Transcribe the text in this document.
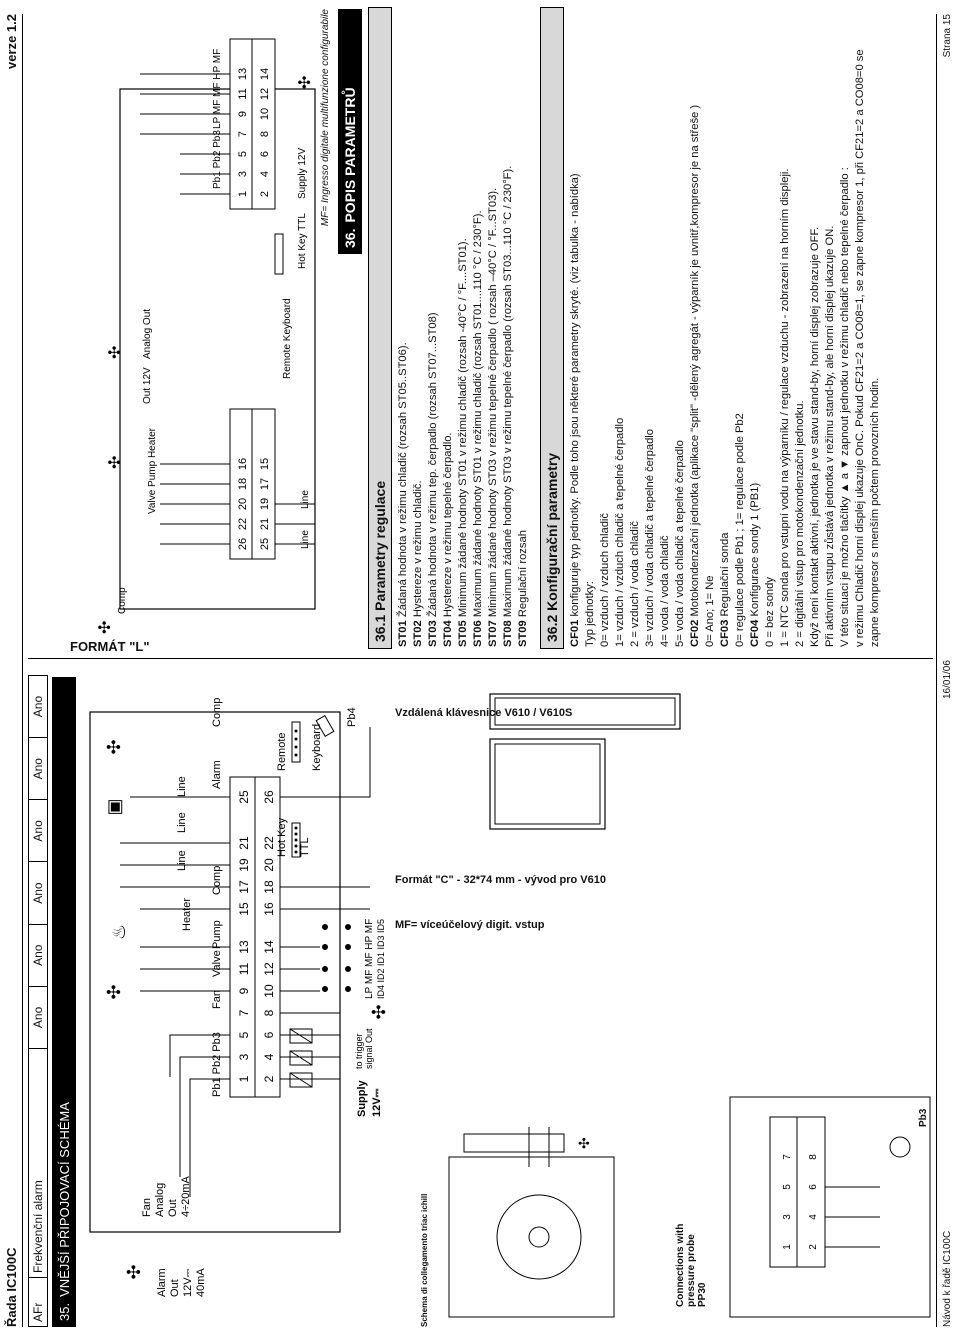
Řada IC100C
verze 1.2
AFr
Frekvenční alarm
Ano
Ano
Ano
Ano
Ano
Ano
35.
VNĚJŠÍ PŘIPOJOVACÍ SCHÉMA
1
3
5
7
9
11
13
15
17
19
21
25
2
4
6
8
10
12
14
16
18
20
22
26
✣
✣
✣
▣
♨
✣
Alarm Out 12V⎓ 40mA
Fan Analog Out 4÷20mA
Pb1 Pb2 Pb3
Fan
Valve
Pump
Heater
Comp
Line
Line
Line Alarm
Comp
Hot Key TTL
Remote Keyboard
Pb4
Supply 12V⎓
to trigger signal Out
LP MF MF HP MF ID4 ID2 ID1 ID3 ID5 MF= víceúčelový digit. vstup
Formát "C" - 32*74 mm - vývod pro V610
Schema di collegamento triac ichill
✣
Vzdálená klávesnice V610 / V610S
1
3
5
7
2
4
6
8
Connections with
pressure probe
PP30
Pb3
FORMÁT "L"
26
22
20
18
16
25
21
19
17
15
1
3
5
7
9
11
13
2
4
6
8
10
12
14
✣
✣
✣
✣
Comp
Valve Pump Heater
Out 12V
Analog Out	Remote Keyboard
Hot Key TTL
Supply 12V
Pb1 Pb2 Pb3
Line
Line
LP MF MF HP MF	MF= Ingresso digitale multifunzione configurabile
36.
POPIS PARAMETRŮ
36.1 Parametry regulace ST01 Žádaná hodnota v režimu chladič (rozsah ST05..ST06).
ST02 Hystereze v režimu chladič.
ST03 Žádaná hodnota v režimu tep. čerpadlo (rozsah ST07...ST08)
ST04 Hystereze v režimu tepelné čerpadlo.
ST05 Minimum žádané hodnoty ST01 v režimu chladič (rozsah -40°C / °F....ST01).
ST06 Maximum žádané hodnoty ST01 v režimu chladič (rozsah ST01....110 °C / 230°F).
ST07 Minimum žádané hodnoty ST03 v režimu tepelné čerpadlo ( rozsah –40°C / °F...ST03).
ST08 Maximum žádané hodnoty ST03 v režimu tepelné čerpadlo (rozsah ST03...110 °C / 230°F).
ST09 Regulační rozsah 36.2 Konfigurační parametry CF01 konfiguruje typ jednotky. Podle toho jsou některé parametry skryté. (viz tabulka - nabídka) Typ jednotky: 0= vzduch / vzduch chladič 1= vzduch / vzduch chladič a tepelné čerpadlo 2 = vzduch / voda chladič 3= vzduch / voda chladič a tepelné čerpadlo 4= voda / voda chladič 5= voda / voda chladič a tepelné čerpadlo CF02 Motokondenzační jednotka (aplikace "split" -dělený agregát - výparník je uvnitř,kompresor je na střeše ) 0= Ano; 1= Ne CF03 Regulační sonda 0= regulace podle Pb1 ; 1= regulace podle Pb2 CF04 Konfigurace sondy 1 (PB1) 0 = bez sondy 1 = NTC sonda pro vstupní vodu na výparníku / regulace vzduchu - zobrazení na horním displeji. 2 = digitální vstup pro motokondenzační jednotku. Když není kontakt aktivní, jednotka je ve stavu stand-by, horní displej zobrazuje OFF. Při aktivním vstupu zůstává jednotka v režimu stand-by, ale horní displej ukazuje ON. V této situaci je možno tlačítky ▲ a ▼ zapnout jednotku v režimu chladič nebo tepelné čerpadlo : v režimu Chladič horní displej ukazuje OnC. Pokud CF21=2 a CO08=1, se zapne kompresor 1, při CF21=2 a CO08=0 se zapne kompresor s menším počtem provozních hodin.
Návod k řadě IC100C
16/01/06
Strana 15
